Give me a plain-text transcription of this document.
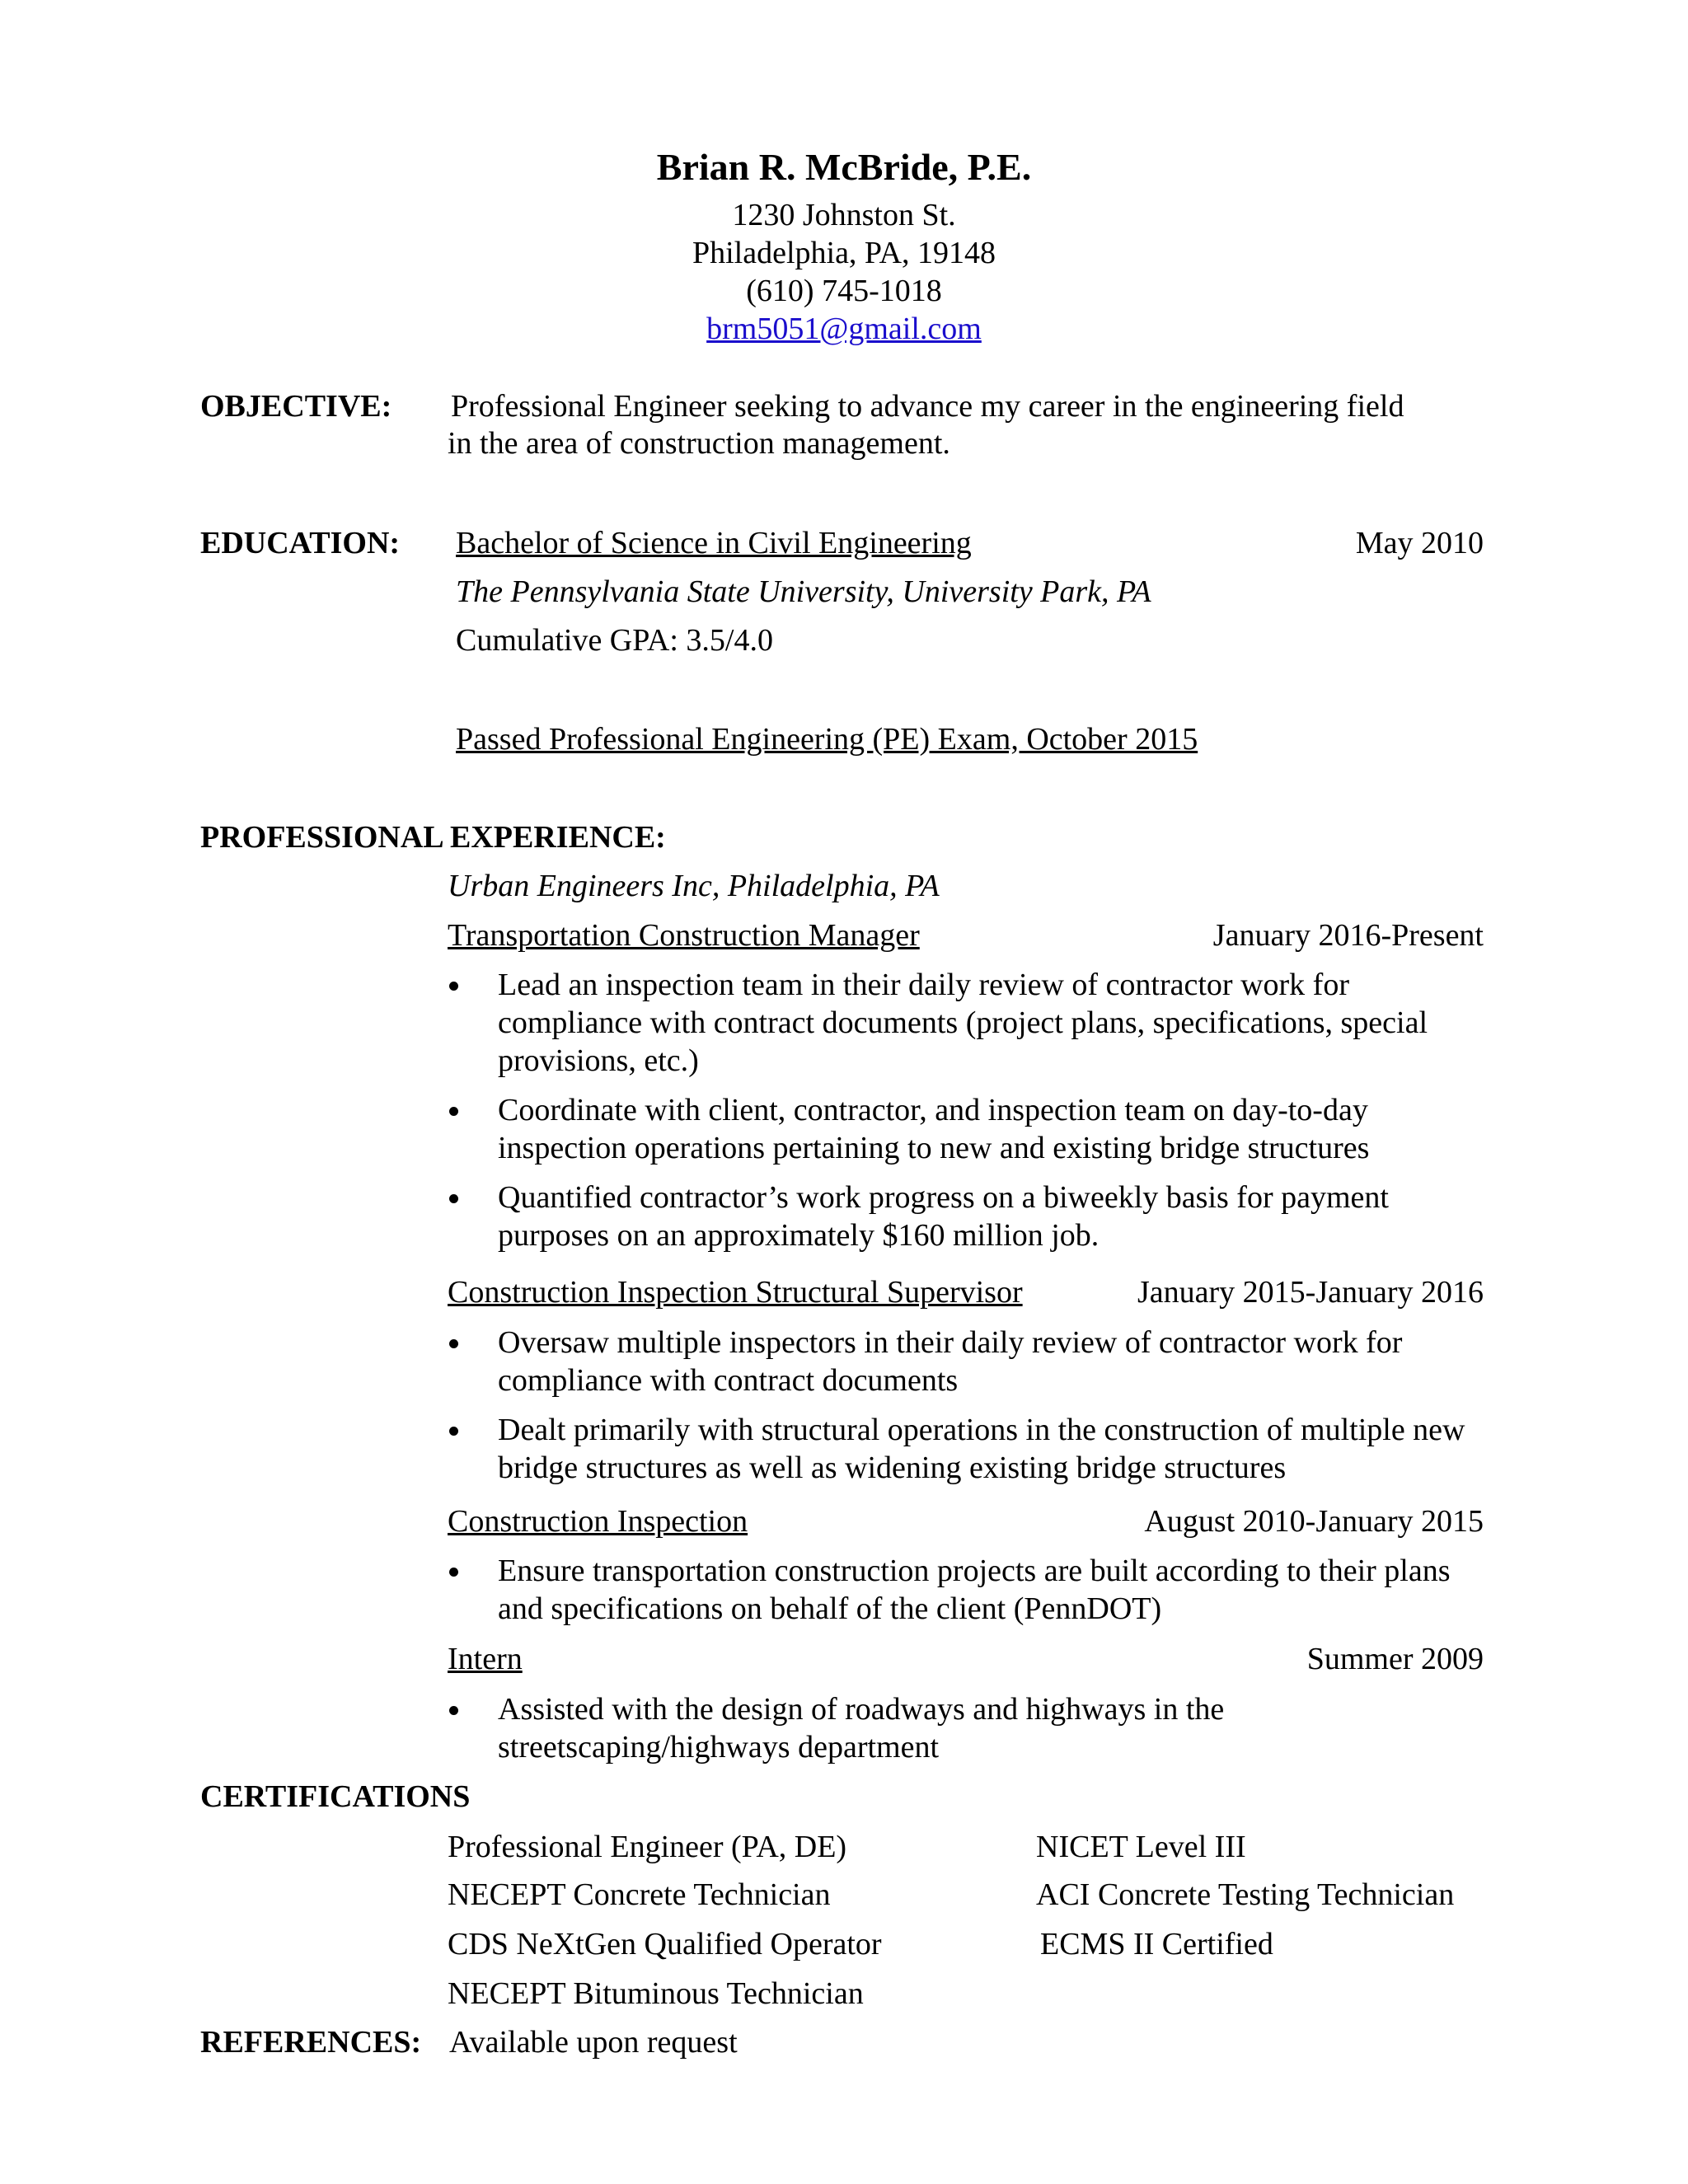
Brian R. McBride, P.E.
1230 Johnston St.
Philadelphia, PA, 19148
(610) 745-1018
brm5051@gmail.com
OBJECTIVE: Professional Engineer seeking to advance my career in the engineering field
in the area of construction management.
EDUCATION: Bachelor of Science in Civil Engineering	May 2010
The Pennsylvania State University, University Park, PA
Cumulative GPA: 3.5/4.0
Passed Professional Engineering (PE) Exam, October 2015
PROFESSIONAL EXPERIENCE:
Urban Engineers Inc, Philadelphia, PA
Transportation Construction Manager	January 2016-Present
Lead an inspection team in their daily review of contractor work for compliance with contract documents (project plans, specifications, special provisions, etc.)
Coordinate with client, contractor, and inspection team on day-to-day inspection operations pertaining to new and existing bridge structures
Quantified contractor’s work progress on a biweekly basis for payment purposes on an approximately $160 million job.
Construction Inspection Structural Supervisor	January 2015-January 2016
Oversaw multiple inspectors in their daily review of contractor work for compliance with contract documents
Dealt primarily with structural operations in the construction of multiple new bridge structures as well as widening existing bridge structures
Construction Inspection	August 2010-January 2015
Ensure transportation construction projects are built according to their plans and specifications on behalf of the client (PennDOT)
Intern	Summer 2009
Assisted with the design of roadways and highways in the streetscaping/highways department
CERTIFICATIONS
Professional Engineer (PA, DE)	NICET Level III
NECEPT Concrete Technician	ACI Concrete Testing Technician
CDS NeXtGen Qualified Operator	ECMS II Certified
NECEPT Bituminous Technician
REFERENCES: Available upon request
